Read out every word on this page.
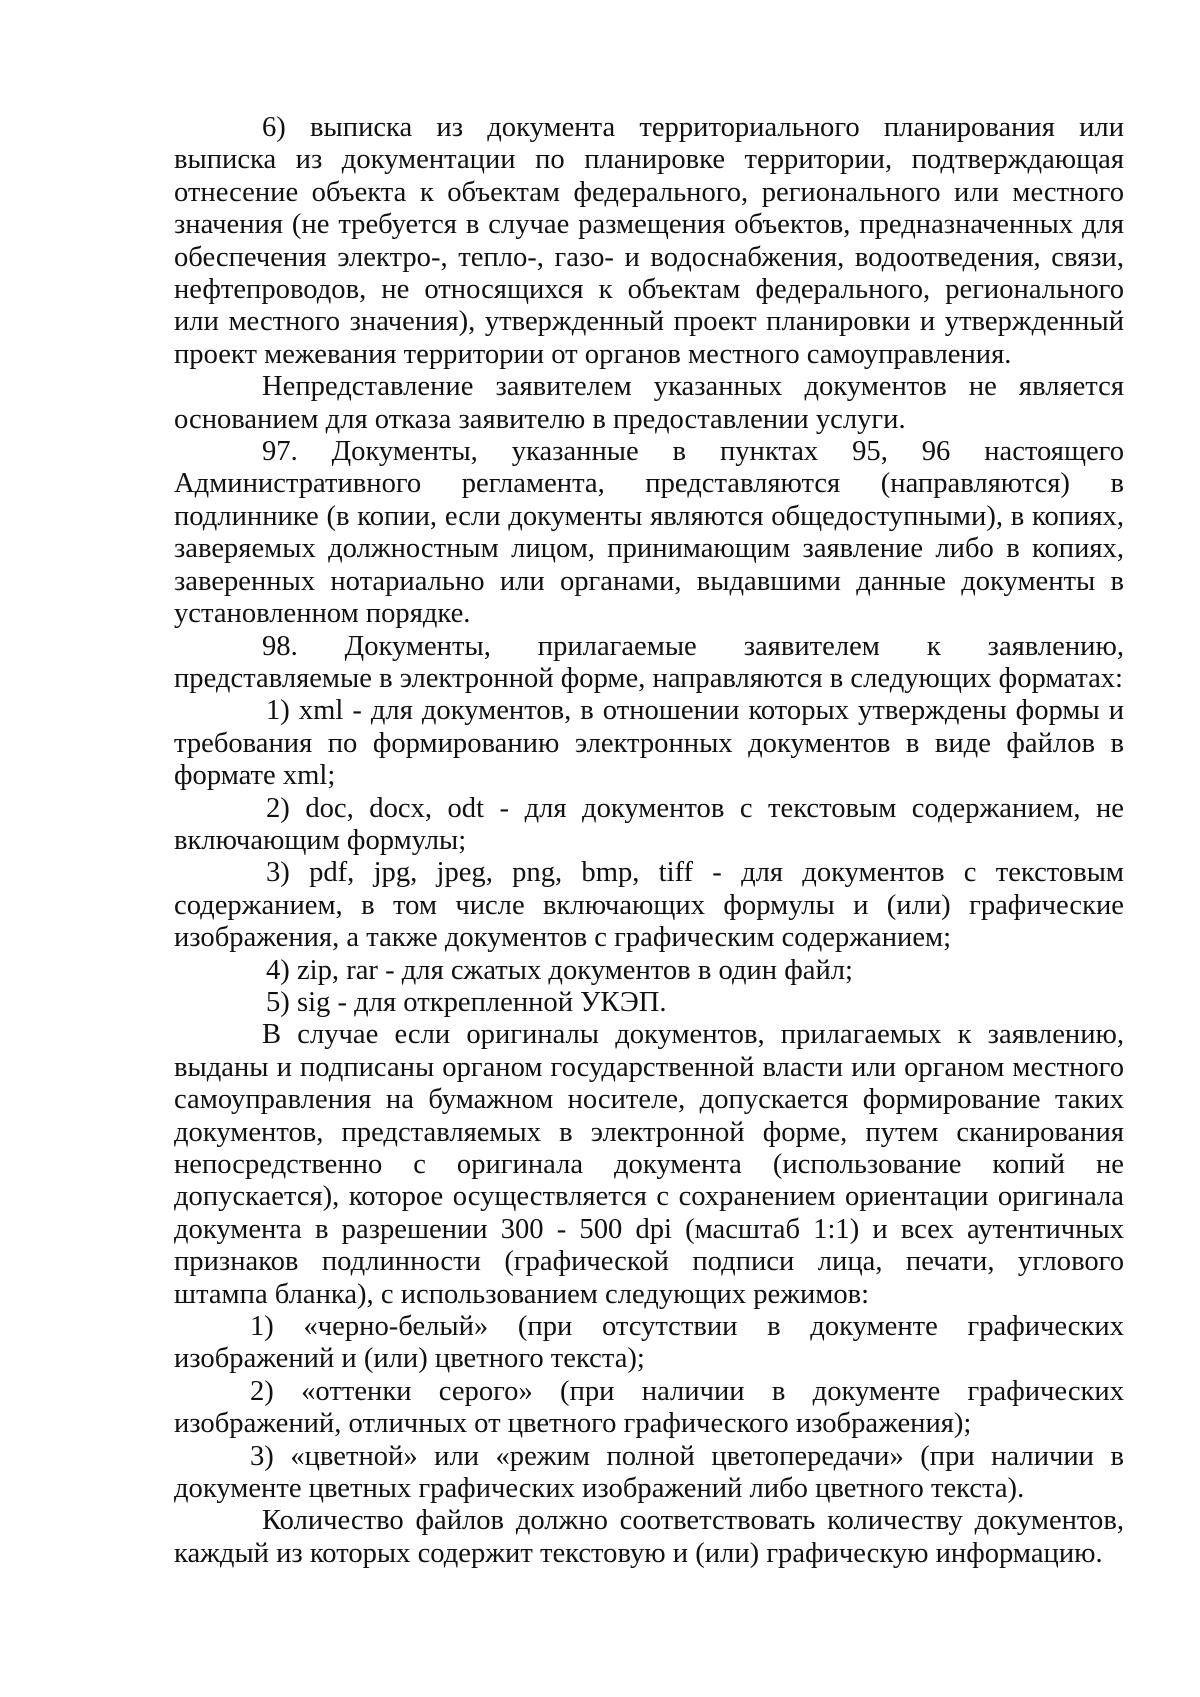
6) выписка из документа территориального планирования или выписка из документации по планировке территории, подтверждающая отнесение объекта к объектам федерального, регионального или местного значения (не требуется в случае размещения объектов, предназначенных для обеспечения электро-, тепло-, газо- и водоснабжения, водоотведения, связи, нефтепроводов, не относящихся к объектам федерального, регионального или местного значения), утвержденный проект планировки и утвержденный проект межевания территории от органов местного самоуправления.

Непредставление заявителем указанных документов не является основанием для отказа заявителю в предоставлении услуги.

97. Документы, указанные в пунктах 95, 96 настоящего Административного регламента, представляются (направляются) в подлиннике (в копии, если документы являются общедоступными), в копиях, заверяемых должностным лицом, принимающим заявление либо в копиях, заверенных нотариально или органами, выдавшими данные документы в установленном порядке.

98. Документы, прилагаемые заявителем к заявлению, представляемые в электронной форме, направляются в следующих форматах:

1) xml - для документов, в отношении которых утверждены формы и требования по формированию электронных документов в виде файлов в формате xml;

2) doc, docx, odt - для документов с текстовым содержанием, не включающим формулы;

3) pdf, jpg, jpeg, png, bmp, tiff - для документов с текстовым содержанием, в том числе включающих формулы и (или) графические изображения, а также документов с графическим содержанием;

4) zip, rar - для сжатых документов в один файл;

5) sig - для открепленной УКЭП.

В случае если оригиналы документов, прилагаемых к заявлению, выданы и подписаны органом государственной власти или органом местного самоуправления на бумажном носителе, допускается формирование таких документов, представляемых в электронной форме, путем сканирования непосредственно с оригинала документа (использование копий не допускается), которое осуществляется с сохранением ориентации оригинала документа в разрешении 300 - 500 dpi (масштаб 1:1) и всех аутентичных признаков подлинности (графической подписи лица, печати, углового штампа бланка), с использованием следующих режимов:

1) «черно-белый» (при отсутствии в документе графических изображений и (или) цветного текста);

2) «оттенки серого» (при наличии в документе графических изображений, отличных от цветного графического изображения);

3) «цветной» или «режим полной цветопередачи» (при наличии в документе цветных графических изображений либо цветного текста).

Количество файлов должно соответствовать количеству документов, каждый из которых содержит текстовую и (или) графическую информацию.
